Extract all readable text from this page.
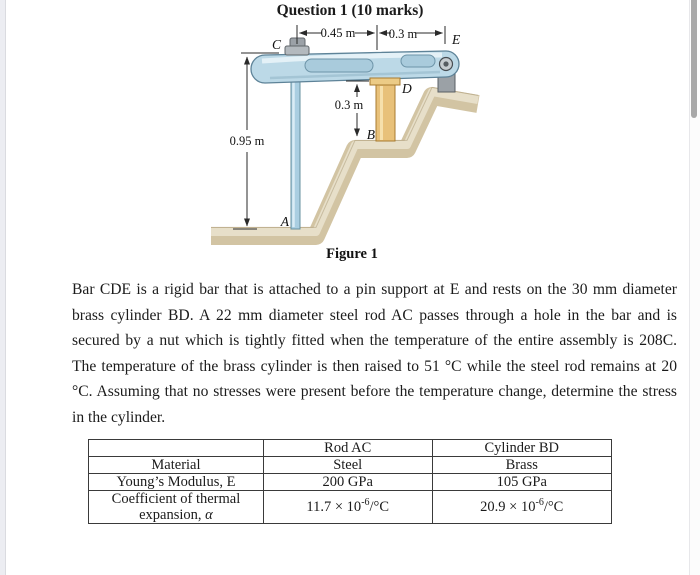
Question 1 (10 marks)
0.45 m	0.3 m
0.95 m
0.3 m
C	E
D
B
A
Figure 1
Bar CDE is a rigid bar that is attached to a pin support at E and rests on the 30 mm diameter
brass cylinder BD. A 22 mm diameter steel rod AC passes through a hole in the bar and is
secured by a nut which is tightly fitted when the temperature of the entire assembly is 208C.
The temperature of the brass cylinder is then raised to 51 °C while the steel rod remains at 20
°C. Assuming that no stresses were present before the temperature change, determine the stress
in the cylinder.
	Rod AC	Cylinder BD
Material	Steel	Brass
Young’s Modulus, E	200 GPa	105 GPa
Coefficient of thermal
expansion, α	$11.7 \times 10^{-6}/^\circ C$	$20.9 \times 10^{-6}/^\circ C$
